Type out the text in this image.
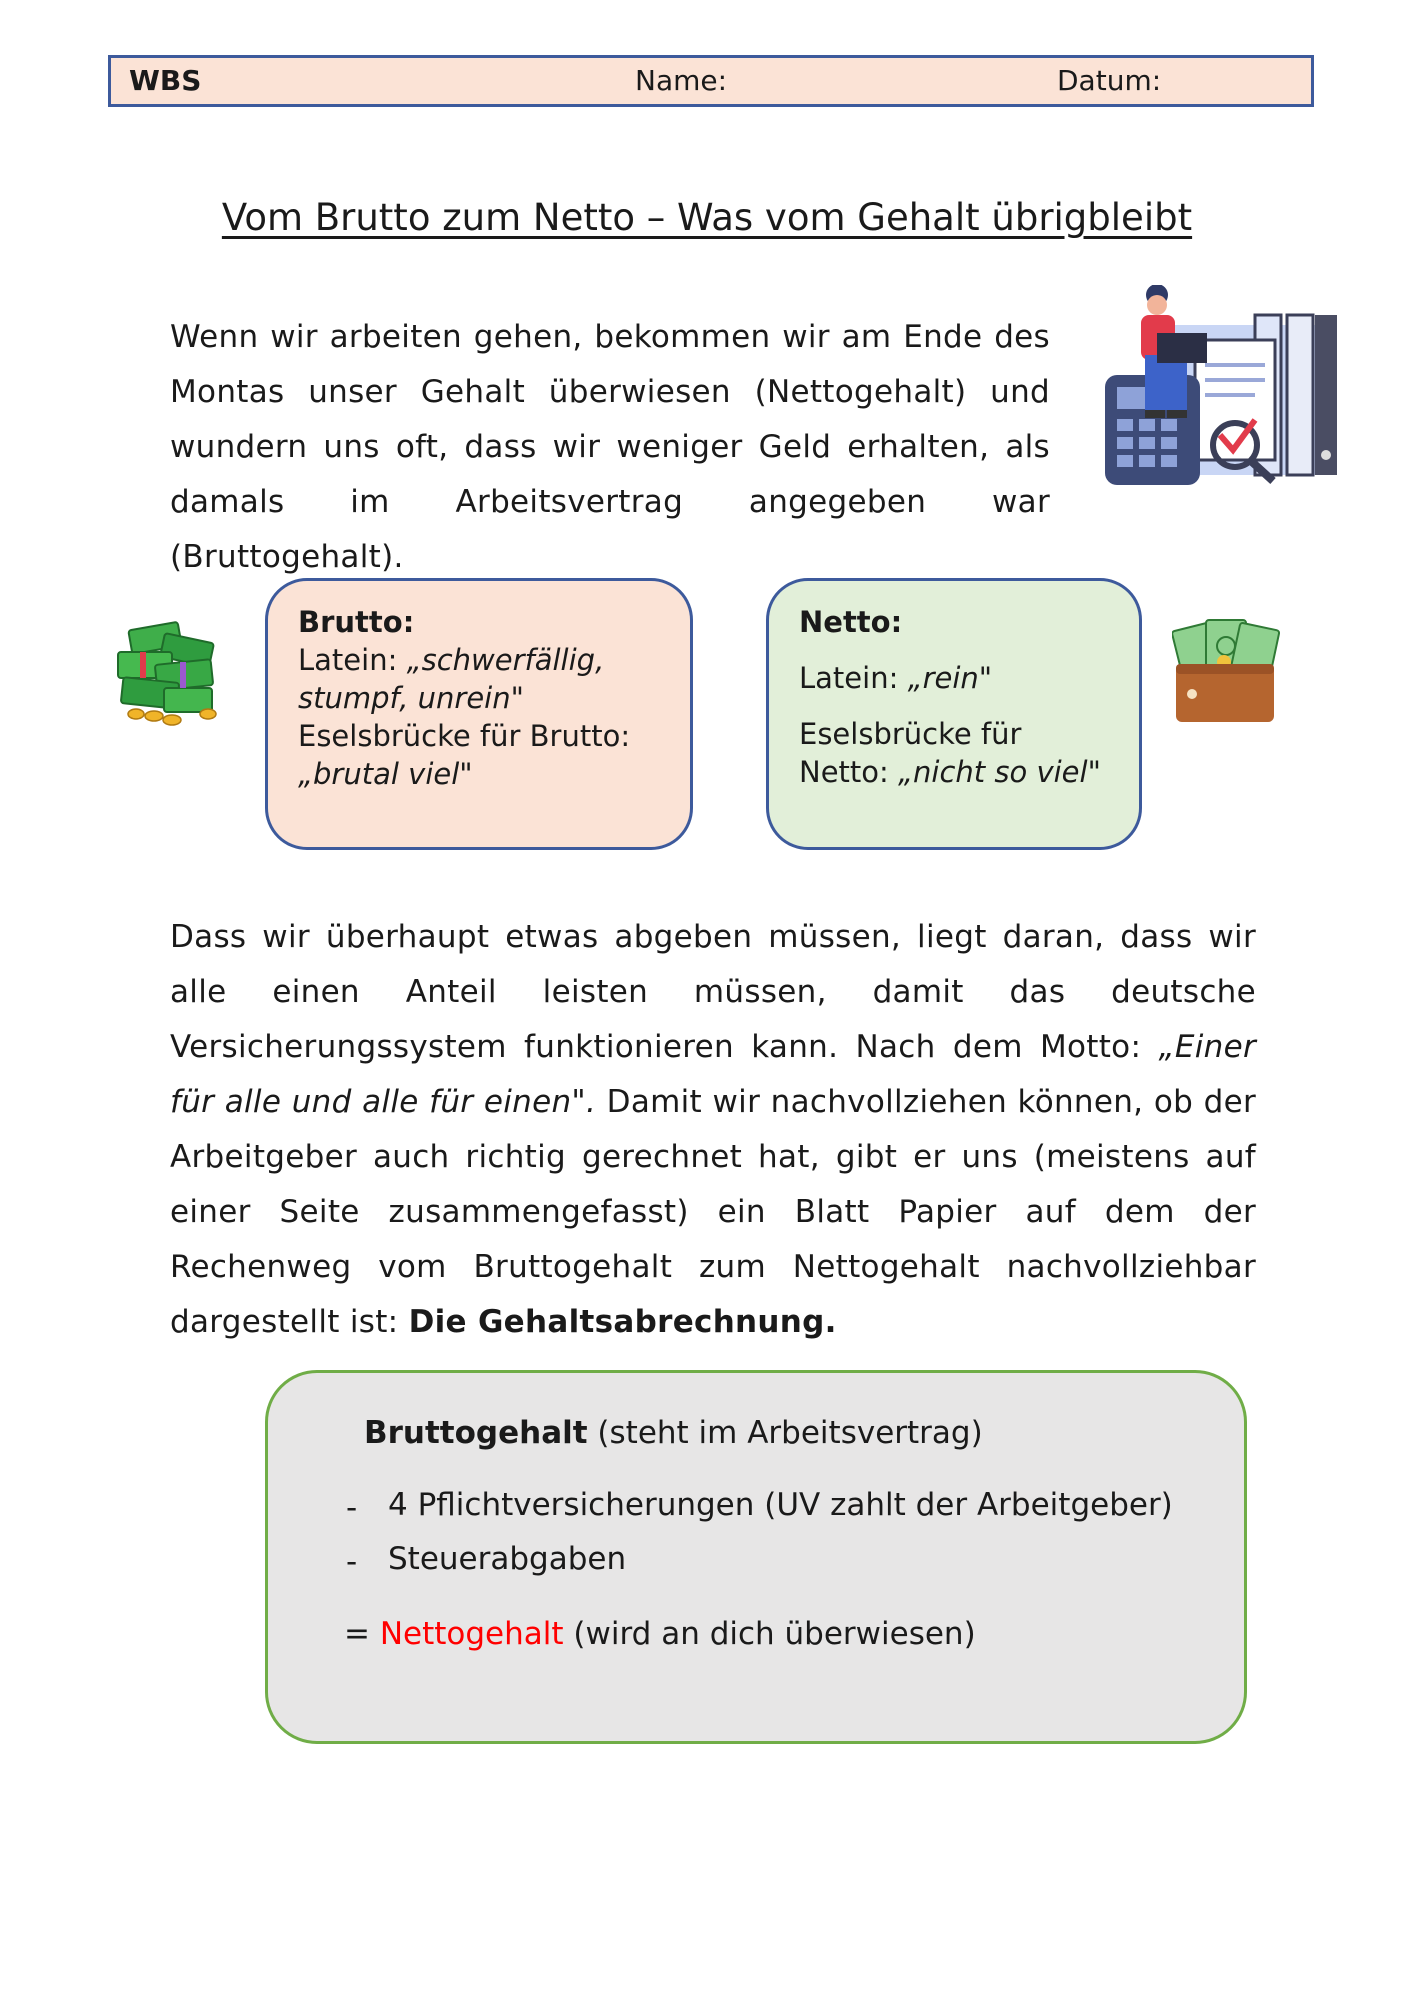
WBS	Name:	Datum:
Vom Brutto zum Netto – Was vom Gehalt übrigbleibt
Wenn wir arbeiten gehen, bekommen wir am Ende des Montas unser Gehalt überwiesen (Nettogehalt) und wundern uns oft, dass wir weniger Geld erhalten, als damals im Arbeitsvertrag angegeben war (Bruttogehalt).
Brutto:
Latein: „schwerfällig, stumpf, unrein"
Eselsbrücke für Brutto:
„brutal viel"
Netto:
Latein: „rein"
Eselsbrücke für
Netto: „nicht so viel"
Dass wir überhaupt etwas abgeben müssen, liegt daran, dass wir alle einen Anteil leisten müssen, damit das deutsche Versicherungssystem funktionieren kann. Nach dem Motto: „Einer für alle und alle für einen". Damit wir nachvollziehen können, ob der Arbeitgeber auch richtig gerechnet hat, gibt er uns (meistens auf einer Seite zusammengefasst) ein Blatt Papier auf dem der Rechenweg vom Bruttogehalt zum Nettogehalt nachvollziehbar dargestellt ist: Die Gehaltsabrechnung.
Bruttogehalt (steht im Arbeitsvertrag)
- 4 Pflichtversicherungen (UV zahlt der Arbeitgeber)
- Steuerabgaben
= Nettogehalt (wird an dich überwiesen)
